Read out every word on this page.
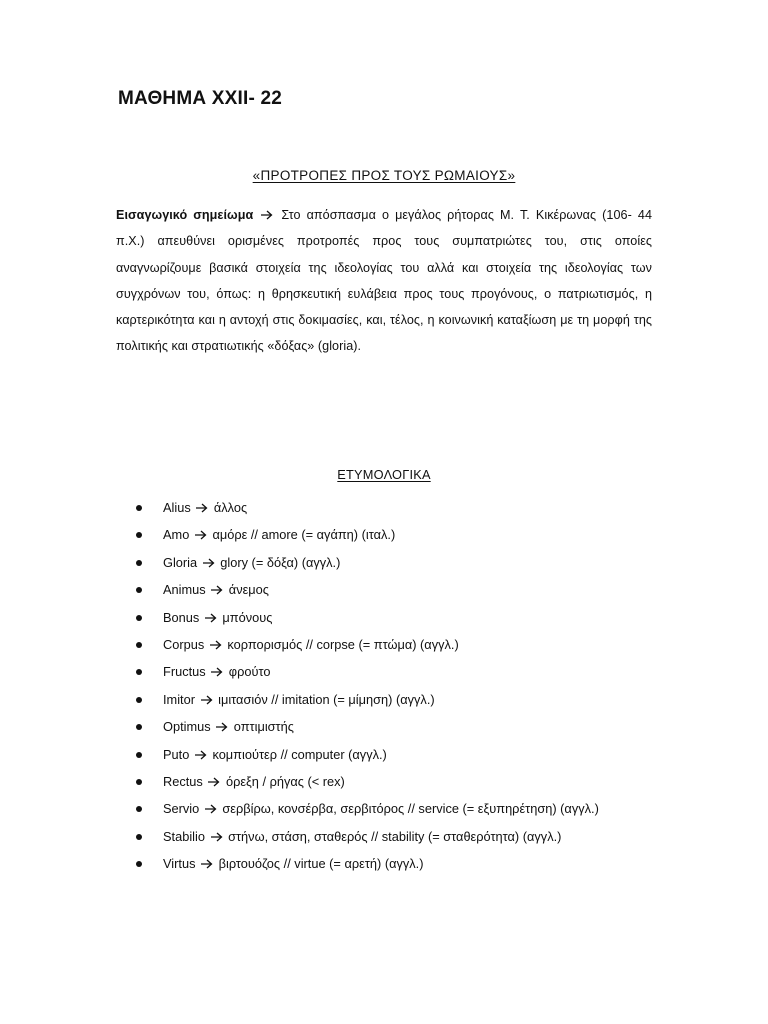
ΜΑΘΗΜΑ XXII- 22
«ΠΡΟΤΡΟΠΕΣ ΠΡΟΣ ΤΟΥΣ ΡΩΜΑΙΟΥΣ»
Εισαγωγικό σημείωμα Στο απόσπασμα ο μεγάλος ρήτορας Μ. Τ. Κικέρωνας (106- 44 π.Χ.) απευθύνει ορισμένες προτροπές προς τους συμπατριώτες του, στις οποίες αναγνωρίζουμε βασικά στοιχεία της ιδεολογίας του αλλά και στοιχεία της ιδεολογίας των συγχρόνων του, όπως: η θρησκευτική ευλάβεια προς τους προγόνους, ο πατριωτισμός, η καρτερικότητα και η αντοχή στις δοκιμασίες, και, τέλος, η κοινωνική καταξίωση με τη μορφή της πολιτικής και στρατιωτικής «δόξας» (gloria).
ΕΤΥΜΟΛΟΓΙΚΑ
Alius άλλος
Amo αμόρε // amore (= αγάπη) (ιταλ.)
Gloria glory (= δόξα) (αγγλ.)
Animus άνεμος
Bonus μπόνους
Corpus κορπορισμός // corpse (= πτώμα) (αγγλ.)
Fructus φρούτο
Imitor ιμιτασιόν // imitation (= μίμηση) (αγγλ.)
Optimus οπτιμιστής
Puto κομπιούτερ // computer (αγγλ.)
Rectus όρεξη / ρήγας (< rex)
Servio σερβίρω, κονσέρβα, σερβιτόρος // service (= εξυπηρέτηση) (αγγλ.)
Stabilio στήνω, στάση, σταθερός // stability (= σταθερότητα) (αγγλ.)
Virtus βιρτουόζος // virtue (= αρετή) (αγγλ.)
